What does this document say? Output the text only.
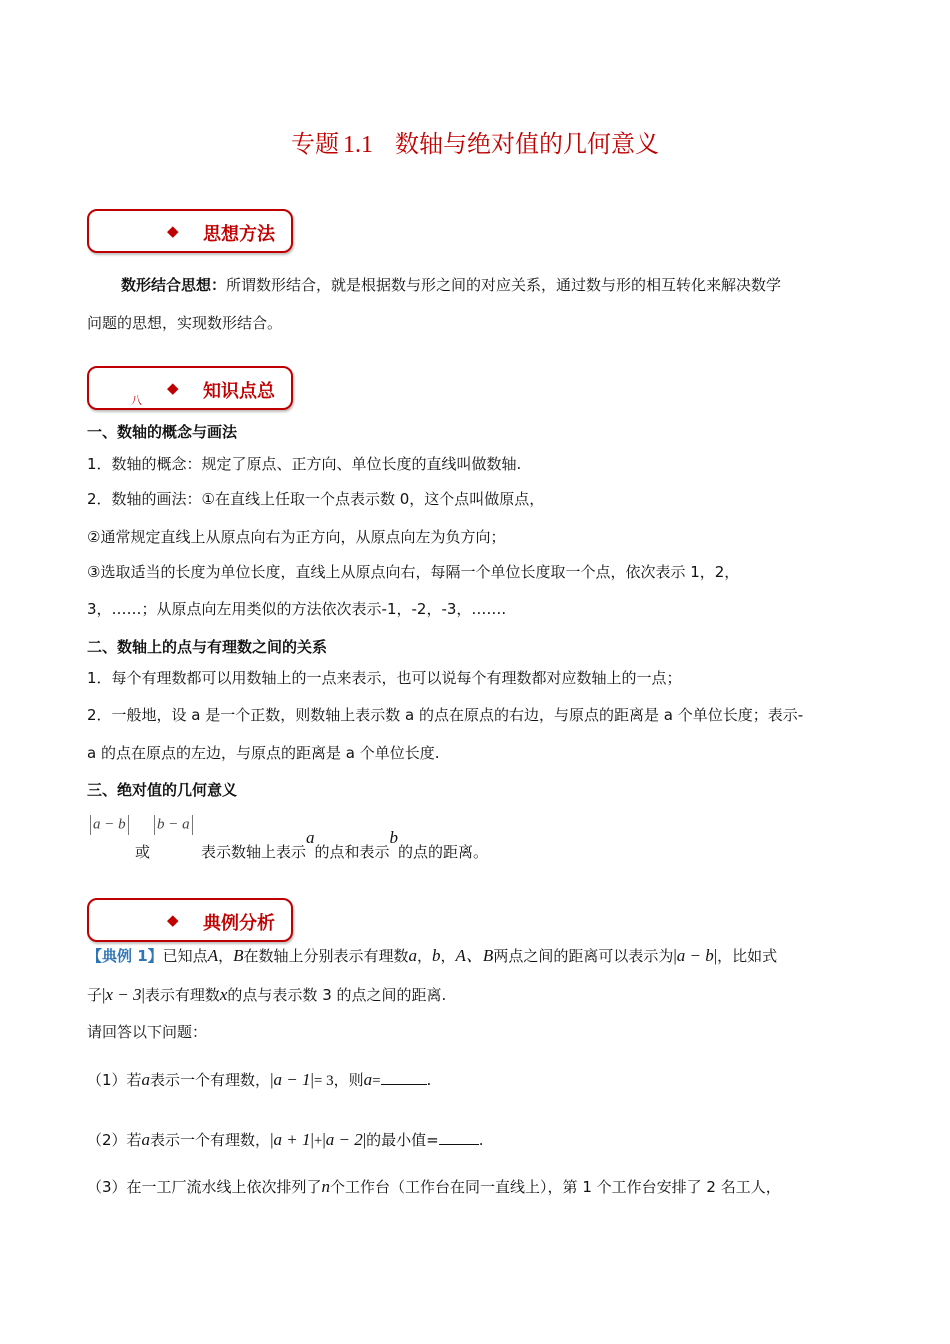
专题 1.1 数轴与绝对值的几何意义
◆ 思想方法
数形结合思想：所谓数形结合，就是根据数与形之间的对应关系，通过数与形的相互转化来解决数学
问题的思想，实现数形结合。
八
◆ 知识点总
一、数轴的概念与画法
1．数轴的概念：规定了原点、正方向、单位长度的直线叫做数轴.
2．数轴的画法：①在直线上任取一个点表示数 0，这个点叫做原点，
②通常规定直线上从原点向右为正方向，从原点向左为负方向；
③选取适当的长度为单位长度，直线上从原点向右，每隔一个单位长度取一个点，依次表示 1，2，
3，……；从原点向左用类似的方法依次表示-1，-2，-3，…….
二、数轴上的点与有理数之间的关系
1．每个有理数都可以用数轴上的一点来表示，也可以说每个有理数都对应数轴上的一点；
2．一般地，设 a 是一个正数，则数轴上表示数 a 的点在原点的右边，与原点的距离是 a 个单位长度；表示-
a 的点在原点的左边，与原点的距离是 a 个单位长度.
三、绝对值的几何意义
a − b	b − a
或	表示数轴上表示a的点和表示b的点的距离。
◆ 典例分析
【典例 1】已知点A，B在数轴上分别表示有理数a，b，A、B两点之间的距离可以表示为|a − b|，比如式
子|x − 3|表示有理数x的点与表示数 3 的点之间的距离.
请回答以下问题：
（1）若a表示一个有理数，|a − 1|= 3，则a=	.
（2）若a表示一个有理数，|a + 1|+|a − 2|的最小值=	.
（3）在一工厂流水线上依次排列了n个工作台（工作台在同一直线上），第 1 个工作台安排了 2 名工人，
